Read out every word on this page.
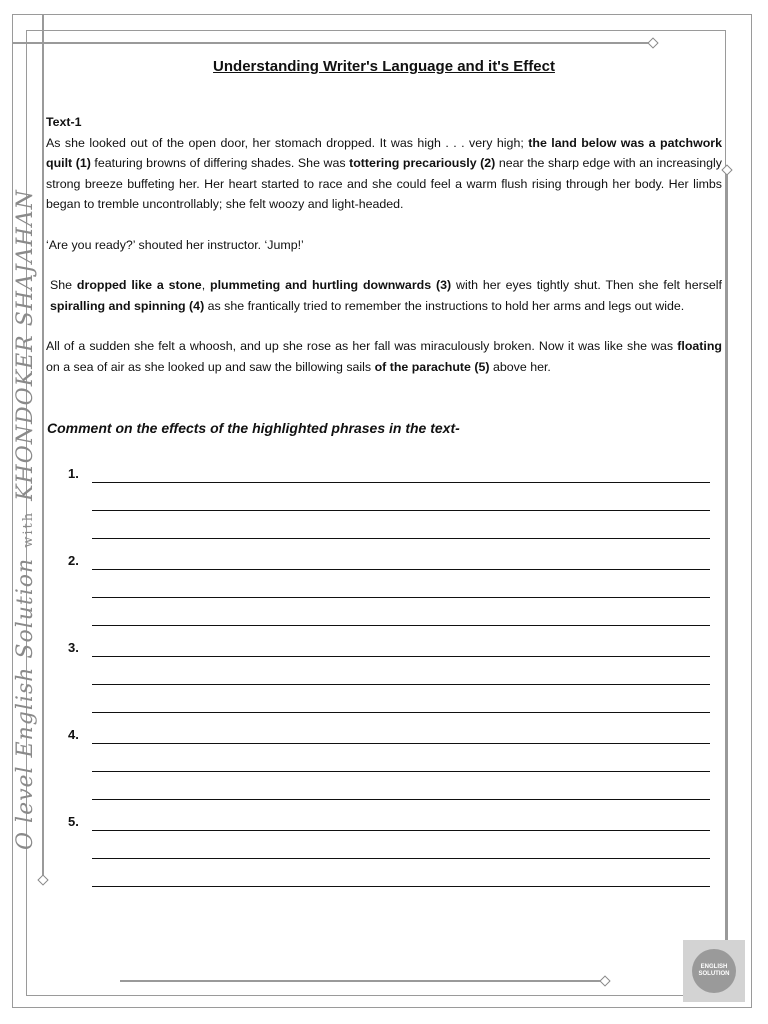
O level English SolutionwithKHONDOKER SHAJAHAN
Understanding Writer's Language and it's Effect

Text-1

As she looked out of the open door, her stomach dropped. It was high . . . very high; the land below was a patchwork quilt (1) featuring browns of differing shades. She was tottering precariously (2) near the sharp edge with an increasingly strong breeze buffeting her. Her heart started to race and she could feel a warm flush rising through her body. Her limbs began to tremble uncontrollably; she felt woozy and light-headed.

‘Are you ready?’ shouted her instructor. ‘Jump!’

She dropped like a stone, plummeting and hurtling downwards (3) with her eyes tightly shut. Then she felt herself spiralling and spinning (4) as she frantically tried to remember the instructions to hold her arms and legs out wide.

All of a sudden she felt a whoosh, and up she rose as her fall was miraculously broken. Now it was like she was floating on a sea of air as she looked up and saw the billowing sails of the parachute (5) above her.

Comment on the effects of the highlighted phrases in the text-
1.
2.
3.
4.
5.
ENGLISH SOLUTION
